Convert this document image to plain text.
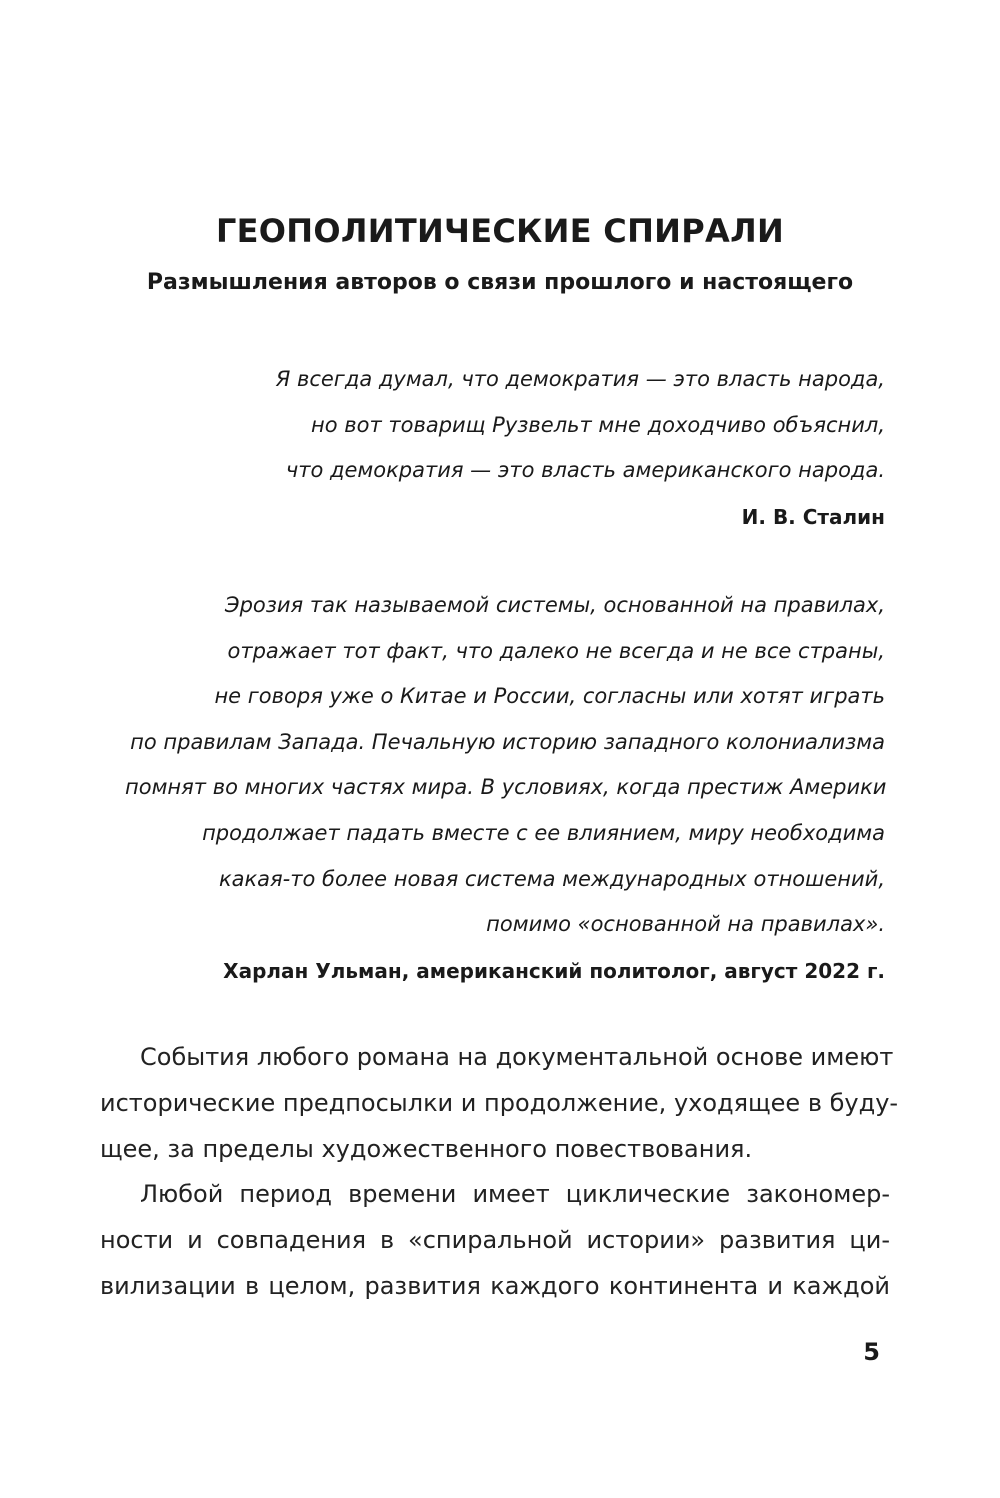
ГЕОПОЛИТИЧЕСКИЕ СПИРАЛИ
Размышления авторов о связи прошлого и настоящего
Я всегда думал, что демократия — это власть народа,
но вот товарищ Рузвельт мне доходчиво объяснил,
что демократия — это власть американского народа.
И. В. Сталин
Эрозия так называемой системы, основанной на правилах,
отражает тот факт, что далеко не всегда и не все страны,
не говоря уже о Китае и России, согласны или хотят играть
по правилам Запада. Печальную историю западного колониализма
помнят во многих частях мира. В условиях, когда престиж Америки
продолжает падать вместе с ее влиянием, миру необходима
какая-то более новая система международных отношений,
помимо «основанной на правилах».
Харлан Ульман, американский политолог, август 2022 г.
События любого романа на документальной основе имеют
исторические предпосылки и продолжение, уходящее в буду-
щее, за пределы художественного повествования.
Любой период времени имеет циклические закономер-
ности и совпадения в «спиральной истории» развития ци-
вилизации в целом, развития каждого континента и каждой
5
